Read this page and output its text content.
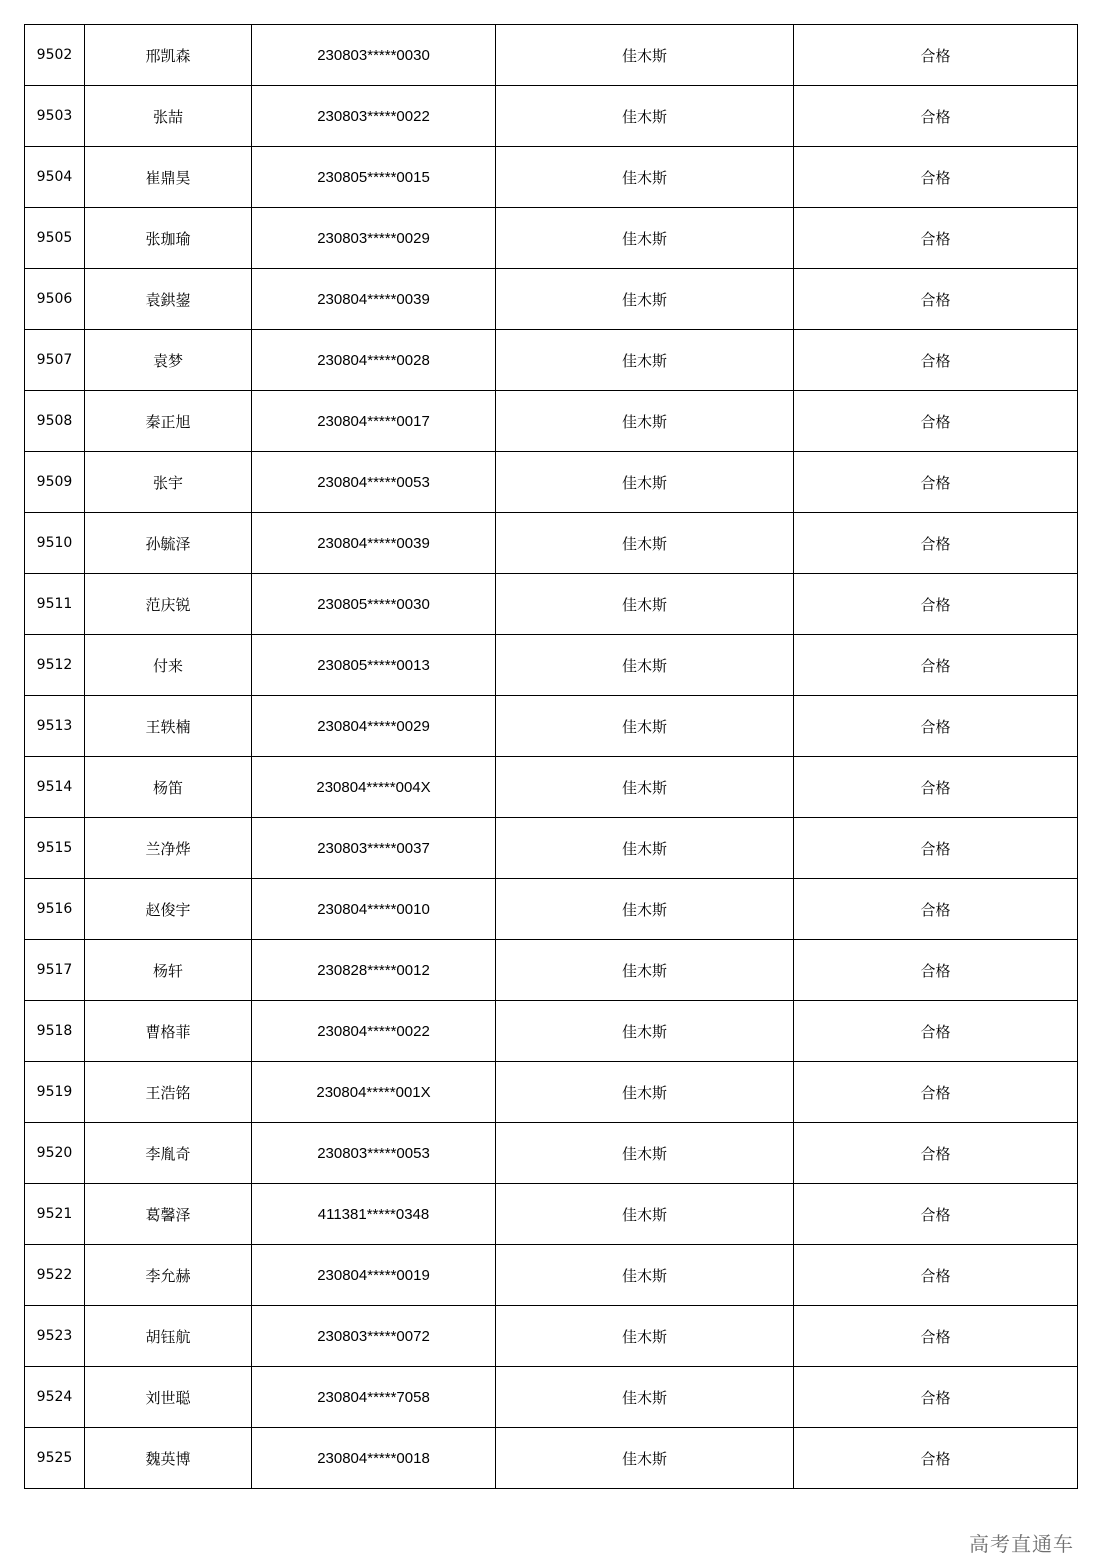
9502	邢凯森	230803*****0030	佳木斯	合格
9503	张喆	230803*****0022	佳木斯	合格
9504	崔鼎昊	230805*****0015	佳木斯	合格
9505	张珈瑜	230803*****0029	佳木斯	合格
9506	袁鉷鋆	230804*****0039	佳木斯	合格
9507	袁梦	230804*****0028	佳木斯	合格
9508	秦正旭	230804*****0017	佳木斯	合格
9509	张宇	230804*****0053	佳木斯	合格
9510	孙毓泽	230804*****0039	佳木斯	合格
9511	范庆锐	230805*****0030	佳木斯	合格
9512	付来	230805*****0013	佳木斯	合格
9513	王轶楠	230804*****0029	佳木斯	合格
9514	杨笛	230804*****004X	佳木斯	合格
9515	兰净烨	230803*****0037	佳木斯	合格
9516	赵俊宇	230804*****0010	佳木斯	合格
9517	杨轩	230828*****0012	佳木斯	合格
9518	曹格菲	230804*****0022	佳木斯	合格
9519	王浩铭	230804*****001X	佳木斯	合格
9520	李胤奇	230803*****0053	佳木斯	合格
9521	葛馨泽	411381*****0348	佳木斯	合格
9522	李允赫	230804*****0019	佳木斯	合格
9523	胡钰航	230803*****0072	佳木斯	合格
9524	刘世聪	230804*****7058	佳木斯	合格
9525	魏英博	230804*****0018	佳木斯	合格
高考直通车
